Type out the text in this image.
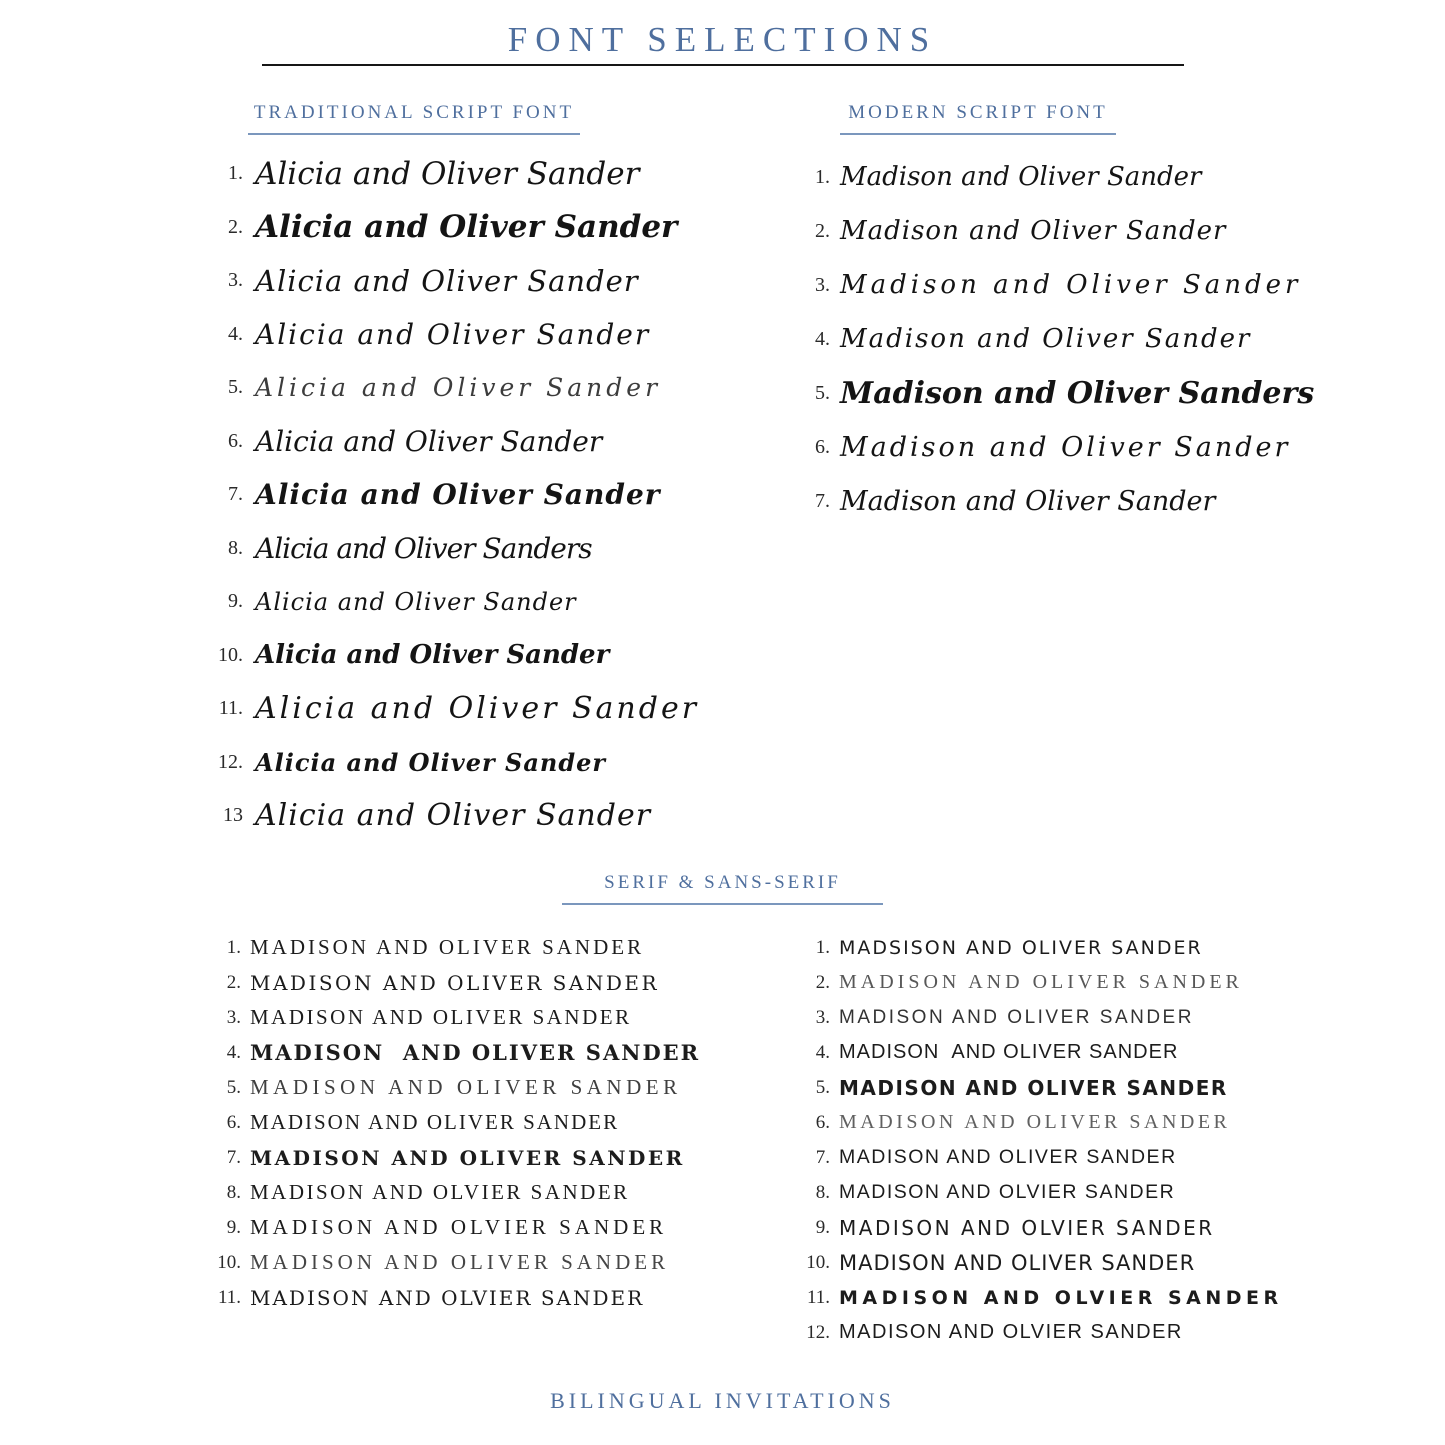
FONT SELECTIONS
TRADITIONAL SCRIPT FONT	MODERN SCRIPT FONT
1. Alicia and Oliver Sander
2. Alicia and Oliver Sander
3. Alicia and Oliver Sander
4. Alicia and Oliver Sander
5. Alicia and Oliver Sander
6. Alicia and Oliver Sander
7. Alicia and Oliver Sander
8. Alicia and Oliver Sanders
9. Alicia and Oliver Sander
10. Alicia and Oliver Sander
11. Alicia and Oliver Sander
12. Alicia and Oliver Sander
13 Alicia and Oliver Sander
1. Madison and Oliver Sander
2. Madison and Oliver Sander
3. Madison and Oliver Sander
4. Madison and Oliver Sander
5. Madison and Oliver Sanders
6. Madison and Oliver Sander
7. Madison and Oliver Sander
SERIF & SANS-SERIF
1. MADISON AND OLIVER SANDER
2. MADISON AND OLIVER SANDER
3. MADISON AND OLIVER SANDER
4. MADISON  AND OLIVER SANDER
5. MADISON AND OLIVER SANDER
6. MADISON AND OLIVER SANDER
7. MADISON AND OLIVER SANDER
8. MADISON AND OLVIER SANDER
9. MADISON AND OLVIER SANDER
10. MADISON AND OLIVER SANDER
11. MADISON AND OLVIER SANDER
1. MADSISON AND OLIVER SANDER
2. MADISON AND OLIVER SANDER
3. MADISON AND OLIVER SANDER
4. MADISON  AND OLIVER SANDER
5. MADISON AND OLIVER SANDER
6. MADISON AND OLIVER SANDER
7. MADISON AND OLIVER SANDER
8. MADISON AND OLVIER SANDER
9. MADISON AND OLVIER SANDER
10. MADISON AND OLIVER SANDER
11. MADISON AND OLVIER SANDER
12. MADISON AND OLVIER SANDER
BILINGUAL INVITATIONS
